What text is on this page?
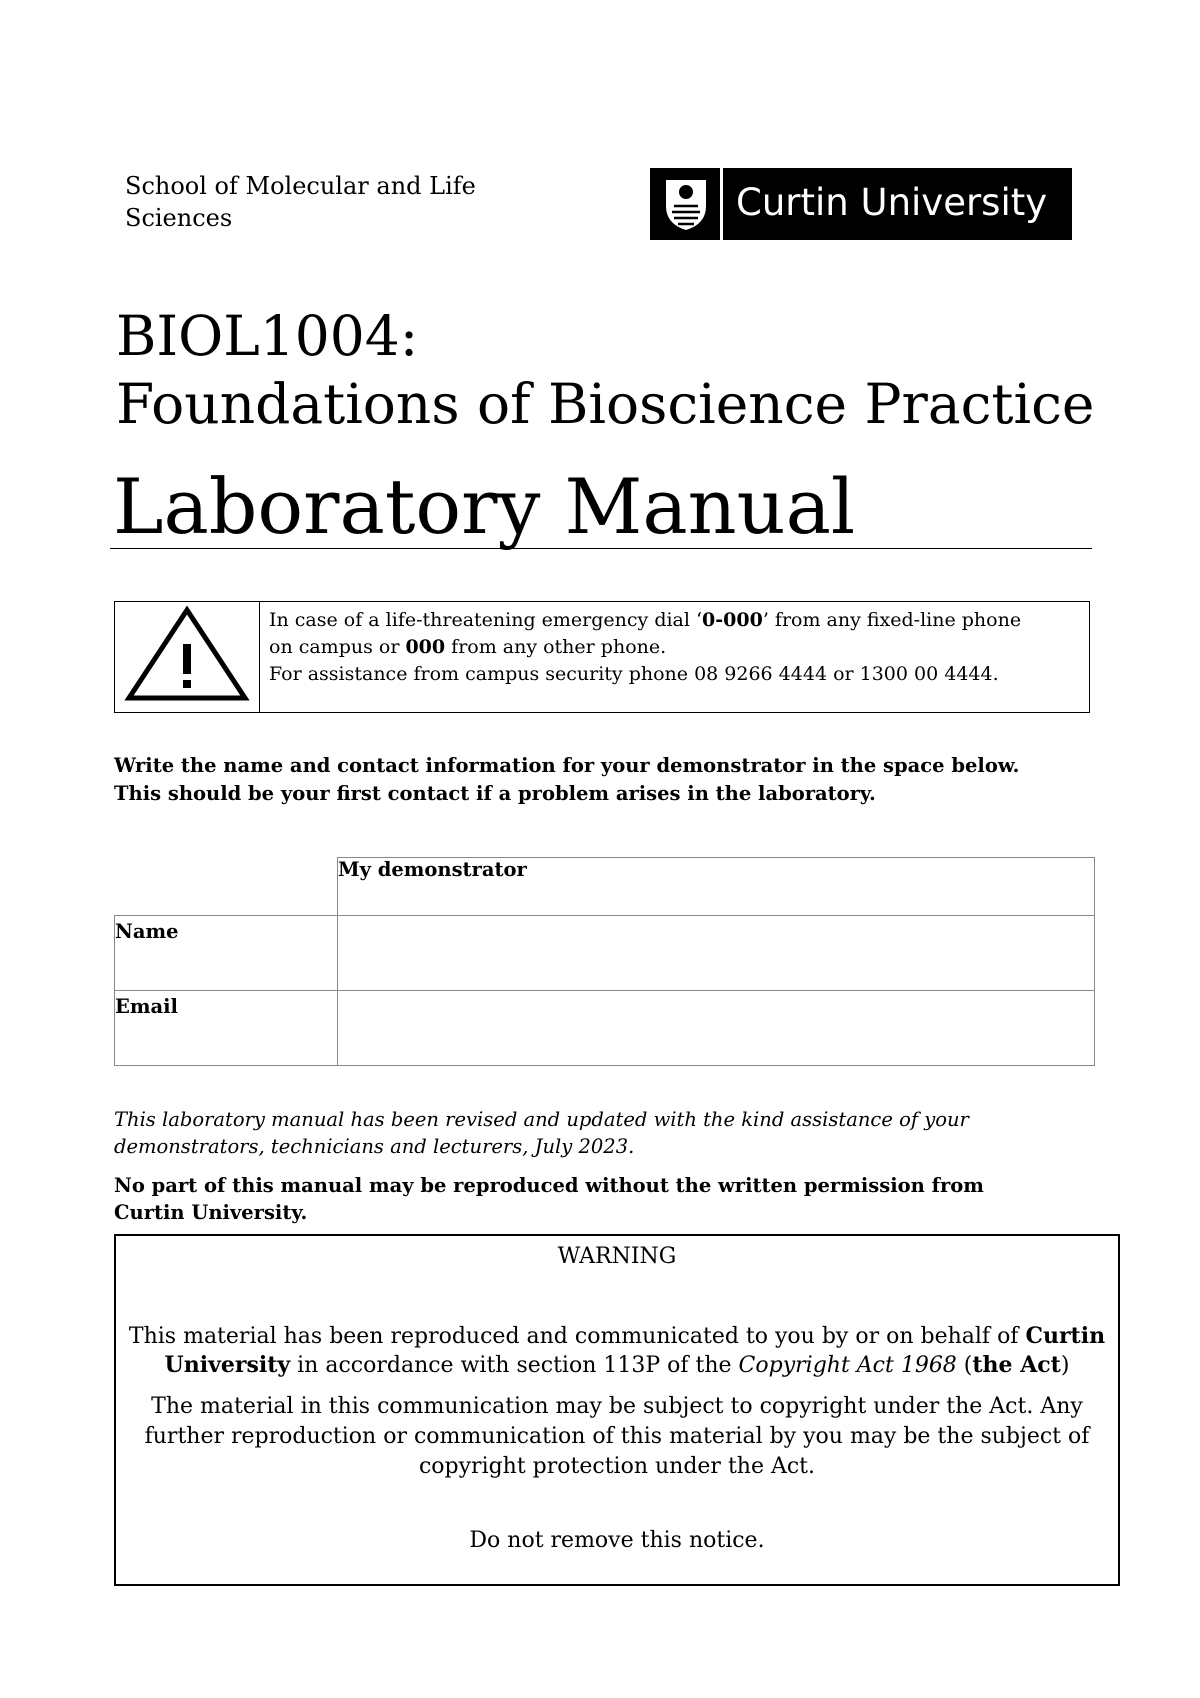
School of Molecular and Life Sciences	Curtin University
BIOL1004:
Foundations of Bioscience Practice
Laboratory Manual
In case of a life-threatening emergency dial ‘0-000’ from any fixed-line phone
on campus or 000 from any other phone.
For assistance from campus security phone 08 9266 4444 or 1300 00 4444.
Write the name and contact information for your demonstrator in the space below.
This should be your first contact if a problem arises in the laboratory.
	My demonstrator
Name	
Email	
This laboratory manual has been revised and updated with the kind assistance of your
demonstrators, technicians and lecturers, July 2023.
No part of this manual may be reproduced without the written permission from
Curtin University.
WARNING
This material has been reproduced and communicated to you by or on behalf of Curtin University in accordance with section 113P of the Copyright Act 1968 (the Act)
The material in this communication may be subject to copyright under the Act. Any further reproduction or communication of this material by you may be the subject of copyright protection under the Act.
Do not remove this notice.
